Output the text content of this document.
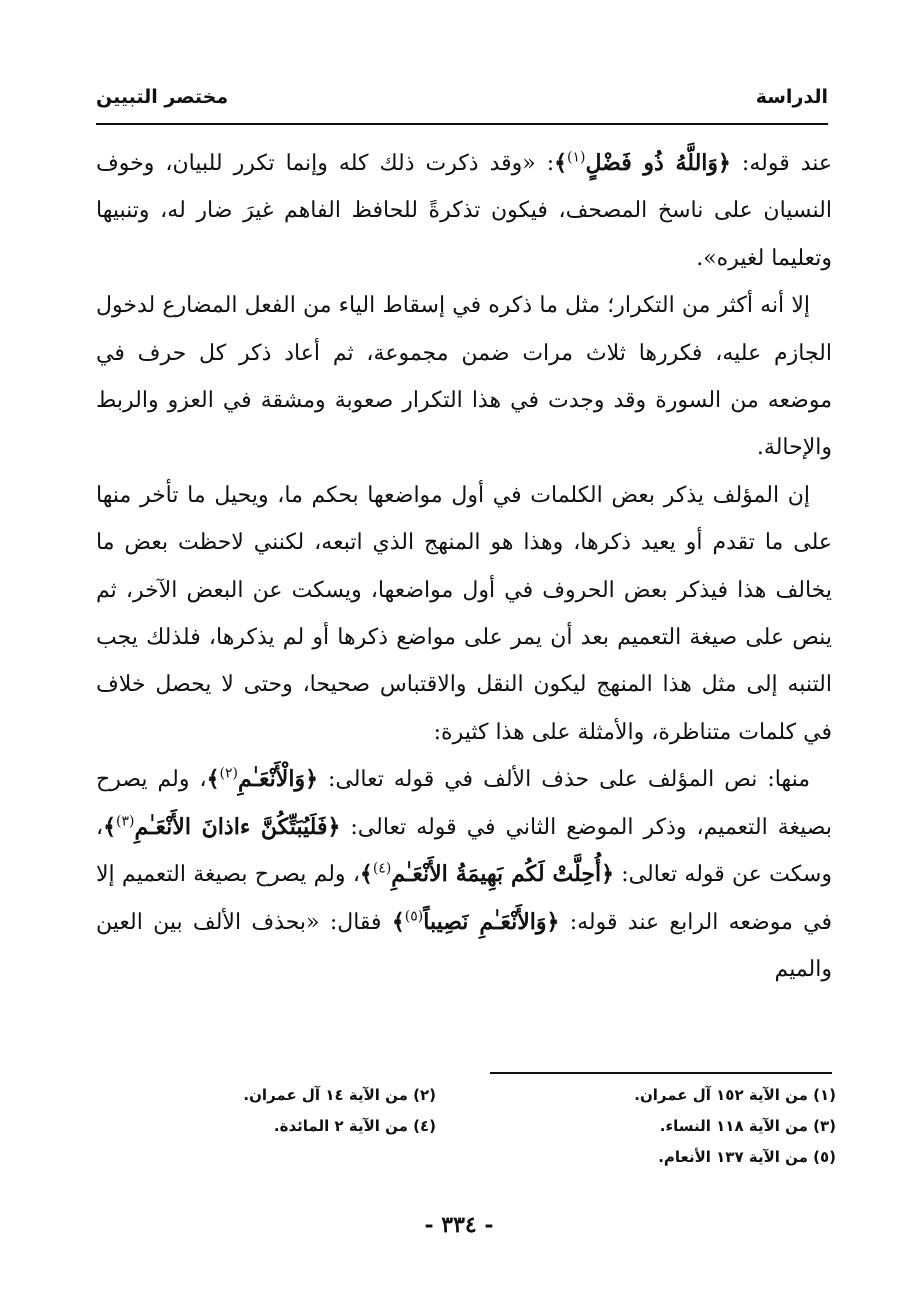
الدراسة
مختصر التبيين

عند قوله: ﴿وَاللَّهُ ذُو فَضْلٍ$^{(١)}$﴾: «وقد ذكرت ذلك كله وإنما تكرر للبيان، وخوف النسيان على ناسخ المصحف، فيكون تذكرةً للحافظ الفاهم غيرَ ضار له، وتنبيها وتعليما لغيره».

إلا أنه أكثر من التكرار؛ مثل ما ذكره في إسقاط الياء من الفعل المضارع لدخول الجازم عليه، فكررها ثلاث مرات ضمن مجموعة، ثم أعاد ذكر كل حرف في موضعه من السورة وقد وجدت في هذا التكرار صعوبة ومشقة في العزو والربط والإحالة.

إن المؤلف يذكر بعض الكلمات في أول مواضعها بحكم ما، ويحيل ما تأخر منها على ما تقدم أو يعيد ذكرها، وهذا هو المنهج الذي اتبعه، لكنني لاحظت بعض ما يخالف هذا فيذكر بعض الحروف في أول مواضعها، ويسكت عن البعض الآخر، ثم ينص على صيغة التعميم بعد أن يمر على مواضع ذكرها أو لم يذكرها، فلذلك يجب التنبه إلى مثل هذا المنهج ليكون النقل والاقتباس صحيحا، وحتى لا يحصل خلاف في كلمات متناظرة، والأمثلة على هذا كثيرة:

منها: نص المؤلف على حذف الألف في قوله تعالى: ﴿وَالْأَنْعَـٰمِ$^{(٢)}$﴾، ولم يصرح بصيغة التعميم، وذكر الموضع الثاني في قوله تعالى: ﴿فَلَيُبَتِّكُنَّ ءاذانَ الأَنْعَـٰمِ$^{(٣)}$﴾، وسكت عن قوله تعالى: ﴿أُحِلَّتْ لَكُم بَهِيمَةُ الأَنْعَـٰمِ$^{(٤)}$﴾، ولم يصرح بصيغة التعميم إلا في موضعه الرابع عند قوله: ﴿وَالأَنْعَـٰمِ نَصِيباً$^{(٥)}$﴾ فقال: «بحذف الألف بين العين والميم

(١) من الآية ١٥٢ آل عمران.
(٣) من الآية ١١٨ النساء.
(٥) من الآية ١٣٧ الأنعام.
(٢) من الآية ١٤ آل عمران.
(٤) من الآية ٢ المائدة.
- ٣٣٤ -
